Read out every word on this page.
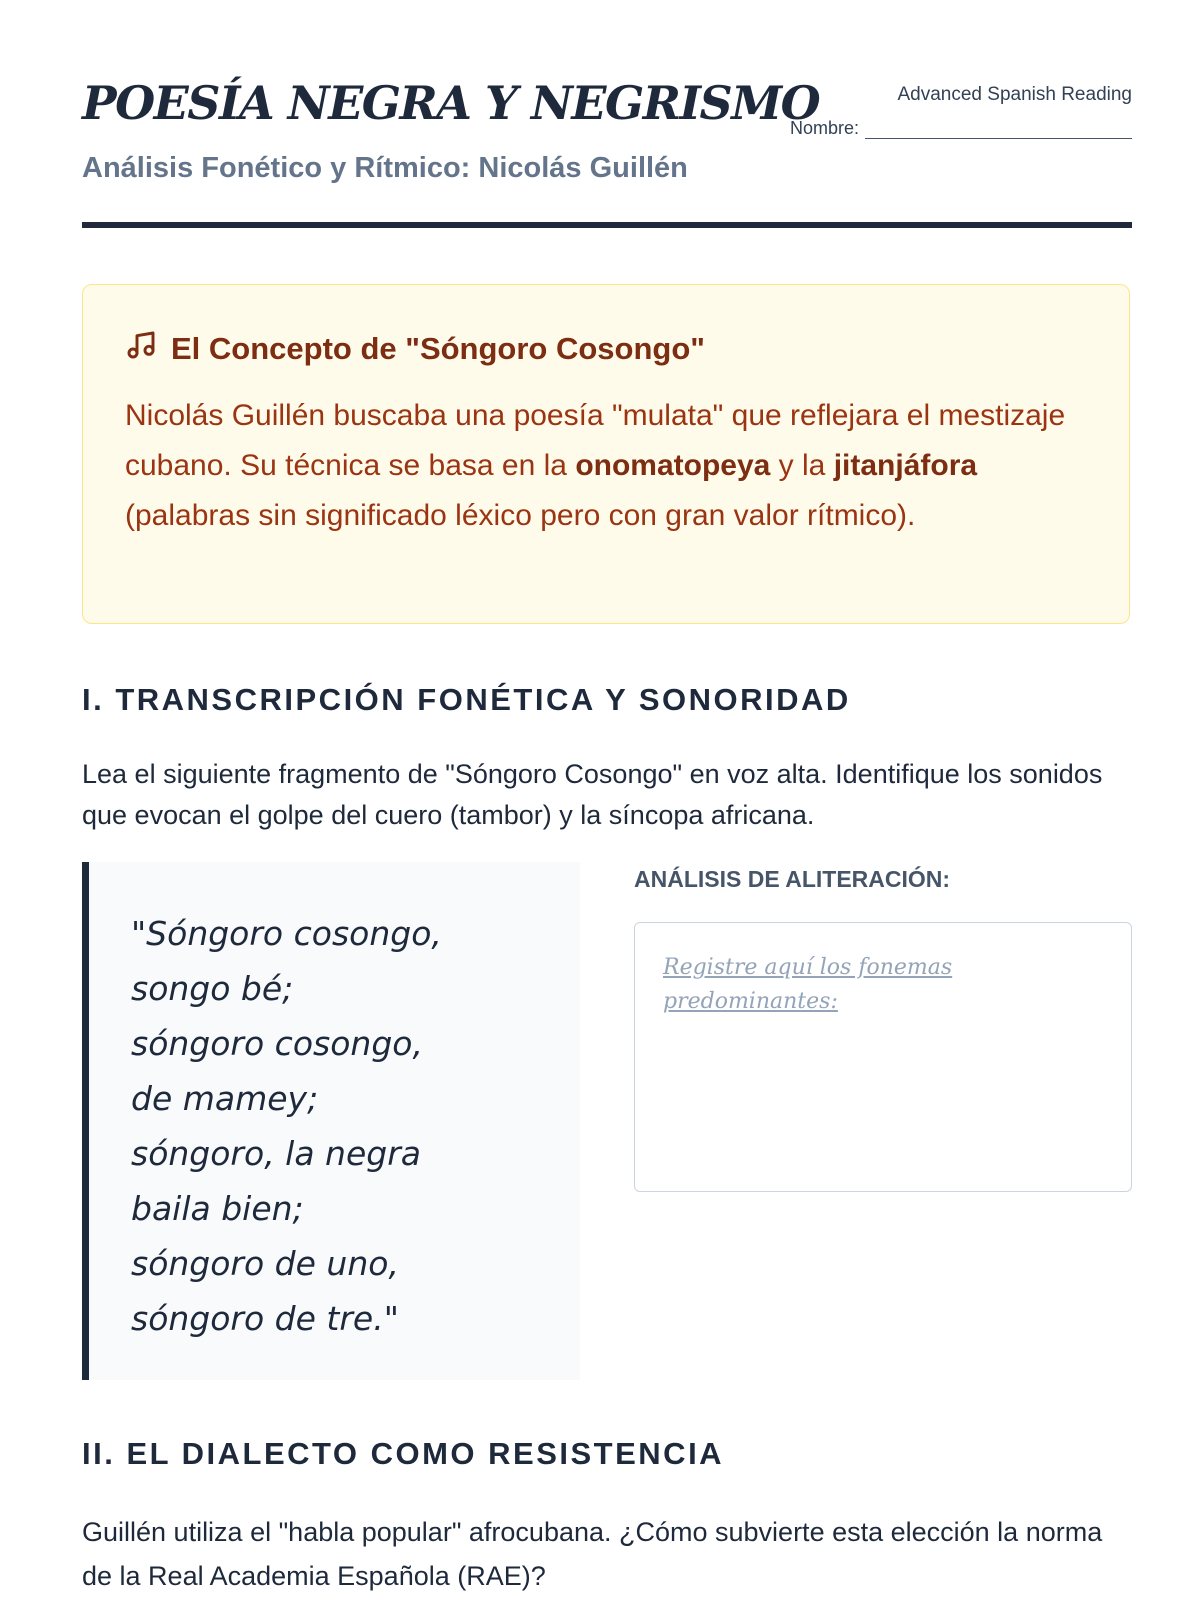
POESÍA NEGRA Y NEGRISMO	Advanced Spanish Reading
Nombre:
Análisis Fonético y Rítmico: Nicolás Guillén
El Concepto de "Sóngoro Cosongo"

Nicolás Guillén buscaba una poesía "mulata" que reflejara el mestizaje cubano. Su técnica se basa en la onomatopeya y la jitanjáfora (palabras sin significado léxico pero con gran valor rítmico).

I. TRANSCRIPCIÓN FONÉTICA Y SONORIDAD

Lea el siguiente fragmento de "Sóngoro Cosongo" en voz alta. Identifique los sonidos que evocan el golpe del cuero (tambor) y la síncopa africana.

"Sóngoro cosongo,
songo bé;
sóngoro cosongo,
de mamey;
sóngoro, la negra
baila bien;
sóngoro de uno,
sóngoro de tre."
ANÁLISIS DE ALITERACIÓN:
Registre aquí los fonemas predominantes:
II. EL DIALECTO COMO RESISTENCIA

Guillén utiliza el "habla popular" afrocubana. ¿Cómo subvierte esta elección la norma de la Real Academia Española (RAE)?
